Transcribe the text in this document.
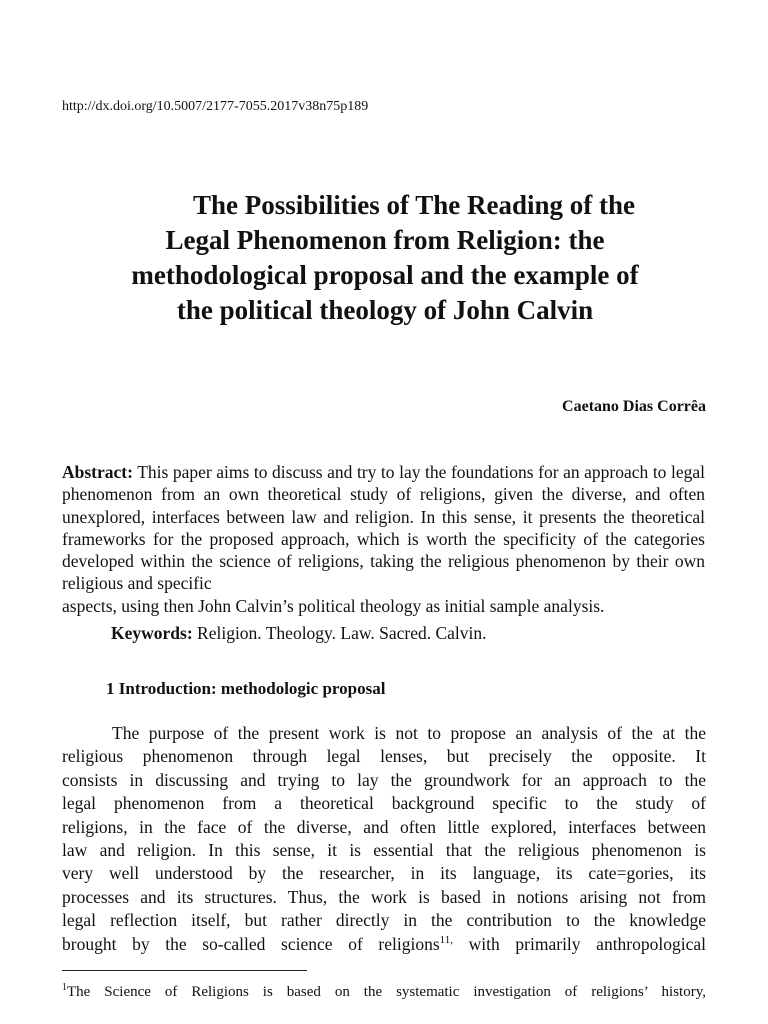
http://dx.doi.org/10.5007/2177-7055.2017v38n75p189
The Possibilities of The Reading of the
Legal Phenomenon from Religion: the
methodological proposal and the example of
the political theology of John Calvin
Caetano Dias Corrêa

Abstract: This paper aims to discuss and try to lay the foundations for an approach to legal phenomenon from an own theoretical study of religions, given the diverse, and often unexplored, interfaces between law and religion. In this sense, it presents the theoretical frameworks for the proposed approach, which is worth the specificity of the categories developed within the science of religions, taking the religious phenomenon by their own religious and specific
aspects, using then John Calvin’s political theology as initial sample analysis.

Keywords: Religion. Theology. Law. Sacred. Calvin.
1 Introduction: methodologic proposal
The purpose of the present work is not to propose an analysis of the at the
religious phenomenon through legal lenses, but precisely the opposite. It
consists in discussing and trying to lay the groundwork for an approach to the
legal phenomenon from a theoretical background specific to the study of
religions, in the face of the diverse, and often little explored, interfaces between
law and religion. In this sense, it is essential that the religious phenomenon is
very well understood by the researcher, in its language, its cate=gories, its
processes and its structures. Thus, the work is based in notions arising not from
legal reflection itself, but rather directly in the contribution to the knowledge
brought by the so-called science of religions$^{11,}$ with primarily anthropological

$^1$The Science of Religions is based on the systematic investigation of religions’ history,
